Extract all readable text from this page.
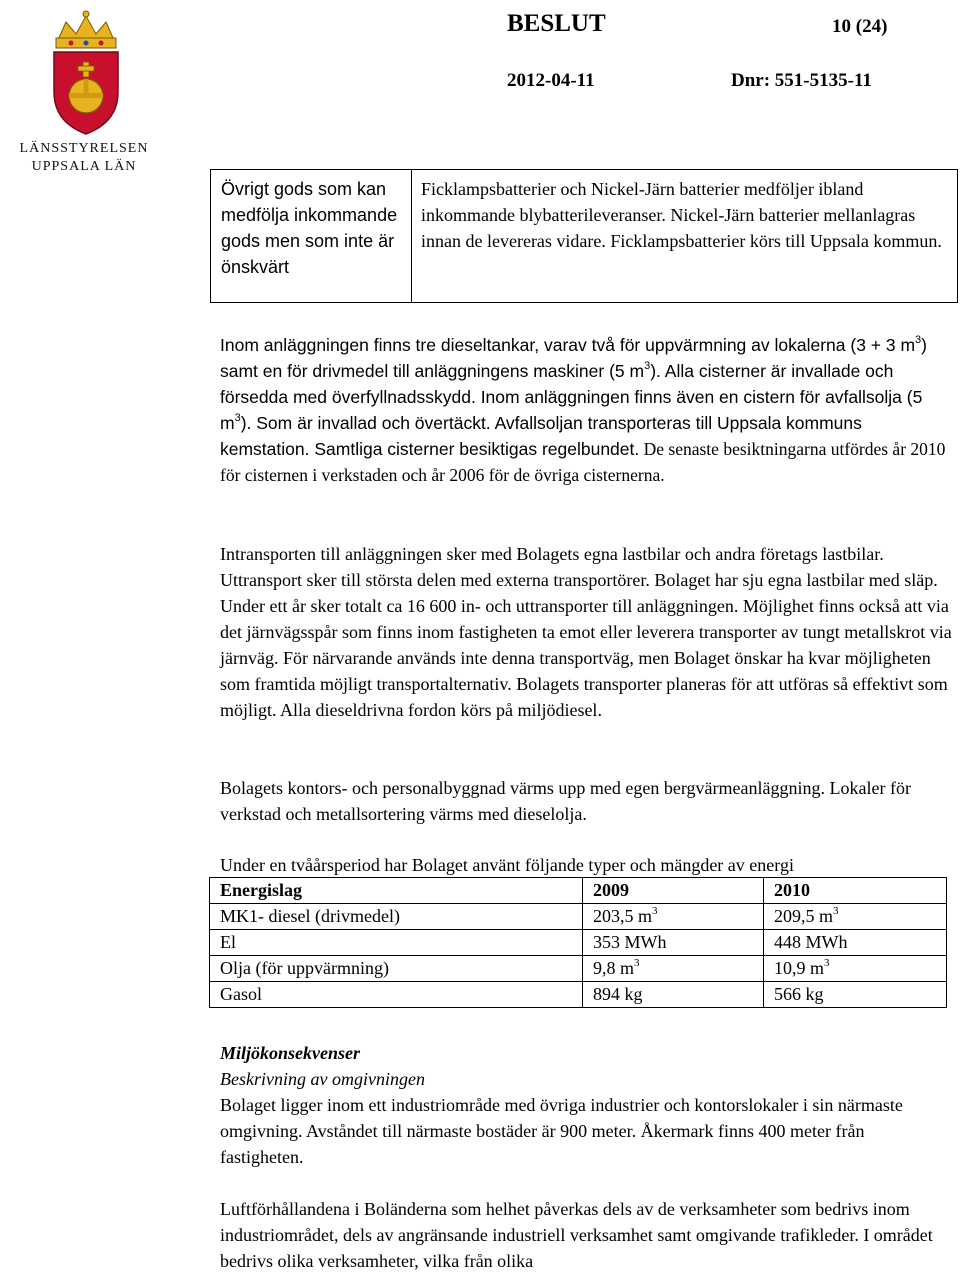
LÄNSSTYRELSEN
UPPSALA LÄN
BESLUT	10 (24)
2012-04-11	Dnr: 551-5135-11
Övrigt gods som kan medfölja inkommande gods men som inte är önskvärt
Ficklampsbatterier och Nickel-Järn batterier medföljer ibland inkommande blybatterileveranser. Nickel-Järn batterier mellanlagras innan de levereras vidare. Ficklampsbatterier körs till Uppsala kommun.

Inom anläggningen finns tre dieseltankar, varav två för uppvärmning av lokalerna (3 + 3 $m^3$) samt en för drivmedel till anläggningens maskiner (5 $m^3$). Alla cisterner är invallade och försedda med överfyllnadsskydd. Inom anläggningen finns även en cistern för avfallsolja (5 $m^3$). Som är invallad och övertäckt. Avfallsoljan transporteras till Uppsala kommuns kemstation. Samtliga cisterner besiktigas regelbundet. De senaste besiktningarna utfördes år 2010 för cisternen i verkstaden och år 2006 för de övriga cisternerna.

Intransporten till anläggningen sker med Bolagets egna lastbilar och andra företags lastbilar. Uttransport sker till största delen med externa transportörer. Bolaget har sju egna lastbilar med släp. Under ett år sker totalt ca 16 600 in- och uttransporter till anläggningen. Möjlighet finns också att via det järnvägsspår som finns inom fastigheten ta emot eller leverera transporter av tungt metallskrot via järnväg. För närvarande används inte denna transportväg, men Bolaget önskar ha kvar möjligheten som framtida möjligt transportalternativ. Bolagets transporter planeras för att utföras så effektivt som möjligt. Alla dieseldrivna fordon körs på miljödiesel.

Bolagets kontors- och personalbyggnad värms upp med egen bergvärmeanläggning. Lokaler för verkstad och metallsortering värms med dieselolja.

Under en tvåårsperiod har Bolaget använt följande typer och mängder av energi
Energislag	2009	2010
MK1- diesel (drivmedel)	203,5 $m^3$	209,5 $m^3$
El	353 MWh	448 MWh
Olja (för uppvärmning)	9,8 $m^3$	10,9 $m^3$
Gasol	894 kg	566 kg
Miljökonsekvenser
Beskrivning av omgivningen

Bolaget ligger inom ett industriområde med övriga industrier och kontorslokaler i sin närmaste omgivning. Avståndet till närmaste bostäder är 900 meter. Åkermark finns 400 meter från fastigheten.

Luftförhållandena i Boländerna som helhet påverkas dels av de verksamheter som bedrivs inom industriområdet, dels av angränsande industriell verksamhet samt omgivande trafikleder. I området bedrivs olika verksamheter, vilka från olika
